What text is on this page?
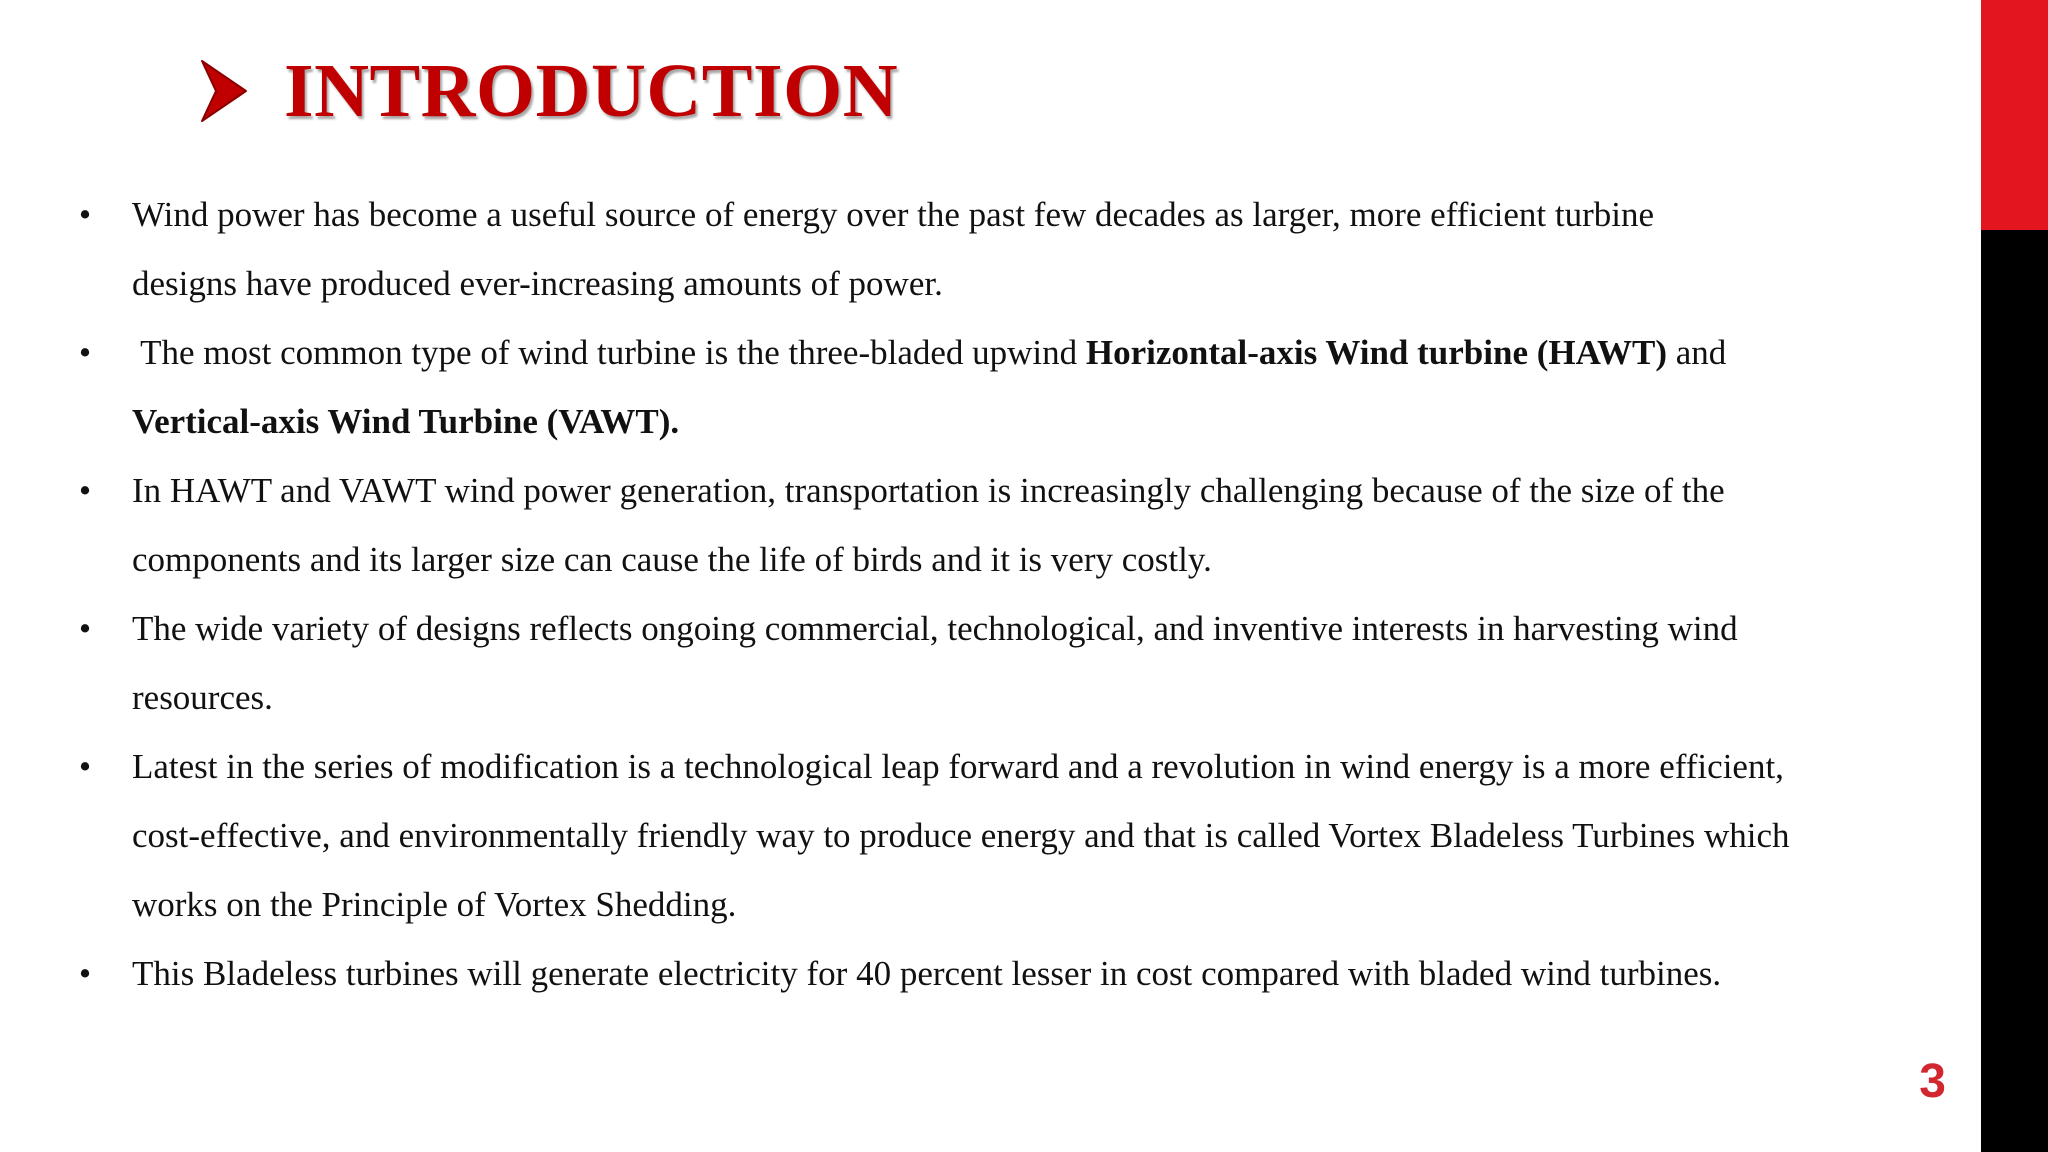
INTRODUCTION
• Wind power has become a useful source of energy over the past few decades as larger, more efficient turbine
designs have produced ever-increasing amounts of power.
• The most common type of wind turbine is the three-bladed upwind Horizontal-axis Wind turbine (HAWT) and
Vertical-axis Wind Turbine (VAWT).
• In HAWT and VAWT wind power generation, transportation is increasingly challenging because of the size of the
components and its larger size can cause the life of birds and it is very costly.
• The wide variety of designs reflects ongoing commercial, technological, and inventive interests in harvesting wind
resources.
• Latest in the series of modification is a technological leap forward and a revolution in wind energy is a more efficient,
cost-effective, and environmentally friendly way to produce energy and that is called Vortex Bladeless Turbines which
works on the Principle of Vortex Shedding.
• This Bladeless turbines will generate electricity for 40 percent lesser in cost compared with bladed wind turbines.
3
